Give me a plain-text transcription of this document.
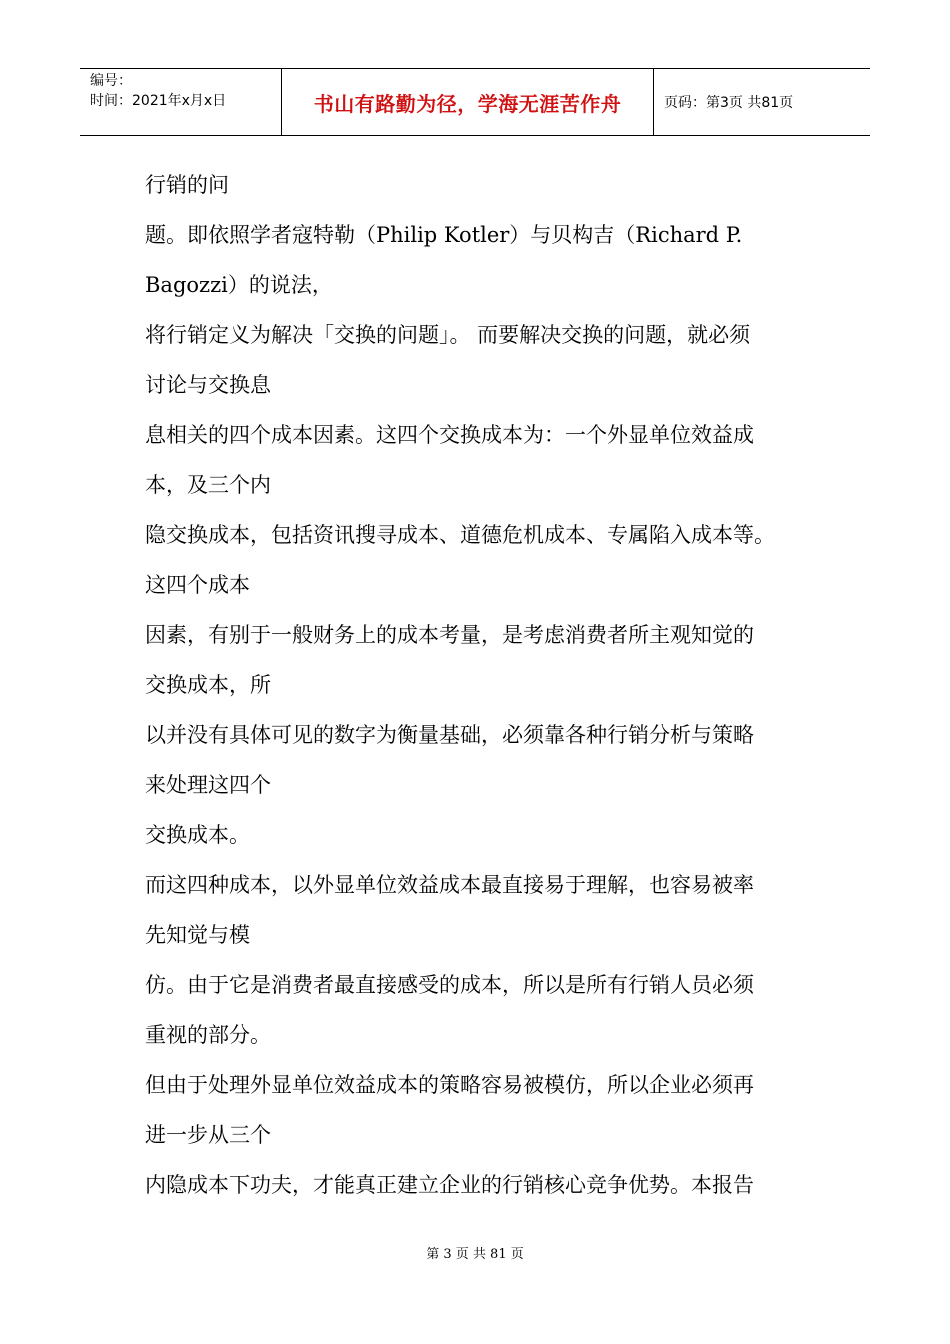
编号：
时间：2021年x月x日	书山有路勤为径，学海无涯苦作舟	页码：第3页 共81页
行销的问
题。即依照学者寇特勒（Philip Kotler）与贝构吉（Richard P.
Bagozzi）的说法，
将行销定义为解决「交换的问题」。 而要解决交换的问题，就必须
讨论与交换息
息相关的四个成本因素。这四个交换成本为：一个外显单位效益成
本，及三个内
隐交换成本，包括资讯搜寻成本、道德危机成本、专属陷入成本等。
这四个成本
因素，有别于一般财务上的成本考量，是考虑消费者所主观知觉的
交换成本，所
以并没有具体可见的数字为衡量基础，必须靠各种行销分析与策略
来处理这四个
交换成本。
而这四种成本，以外显单位效益成本最直接易于理解，也容易被率
先知觉与模
仿。由于它是消费者最直接感受的成本，所以是所有行销人员必须
重视的部分。
但由于处理外显单位效益成本的策略容易被模仿，所以企业必须再
进一步从三个
内隐成本下功夫，才能真正建立企业的行销核心竞争优势。本报告
第 3 页 共 81 页
